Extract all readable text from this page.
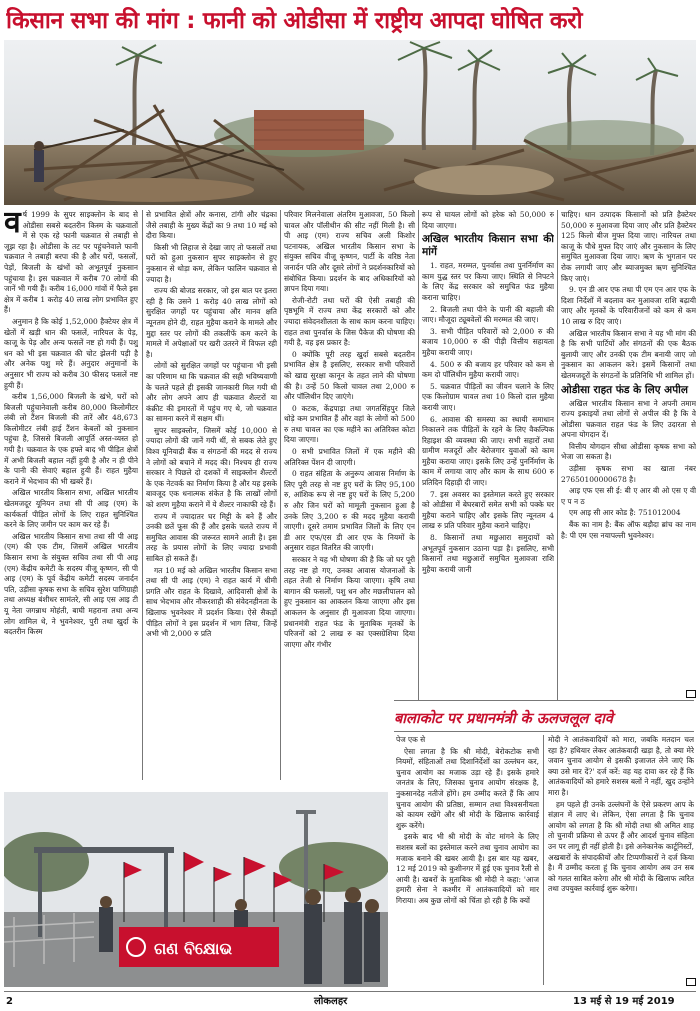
किसान सभा की मांग : फानी को ओडीसा में राष्ट्रीय आपदा घोषित करो

वर्ष 1999 के सुपर साइक्लोन के बाद से ओडीसा सबसे बदतरीन किस्म के चक्रवातों में से एक रहे फानी चक्रवात से तबाही से जूझ रहा है। ओडीसा के तट पर पहुंचनेवाले फानी चक्रवात ने तबाही बरपा की है और घरों, फसलों, पेड़ों, बिजली के खंभों को अभूतपूर्व नुकसान पहुंचाया है। इस चक्रवात में करीब 70 लोगों की जानें भी गयी हैं। करीब 16,000 गांवों में फैले इस क्षेत्र में करीब 1 करोड़ 40 लाख लोग प्रभावित हुए हैं।

अनुमान है कि कोई 1,52,000 हैक्टेयर क्षेत्र में खेतों में खड़ी धान की फसलें, नारियल के पेड़, काजू के पेड़ और अन्य फसलें नष्ट हो गयी हैं। पशु धन को भी इस चक्रवात की चोट झेलनी पड़ी है और अनेक पशु मरे हैं। अनुदार अनुमानों के अनुसार भी राज्य को करीब 30 फीसद फसलें नष्ट हुयी हैं।

करीब 1,56,000 बिजली के खंभे, घरों को बिजली पहुंचानेवाली करीब 80,000 किलोमीटर लंबी लो टैंशन बिजली की तारें और 48,673 किलोमीटर लंबी हाई टैंशन केबलों को नुकसान पहुंचा है, जिससे बिजली आपूर्ति अस्त-व्यस्त हो गयी है। चक्रवात के एक हफ्ते बाद भी पीड़ित क्षेत्रों में अभी बिजली बहाल नहीं हुयी है और न ही पीने के पानी की सेवाएं बहाल हुयी हैं। राहत मुहैया कराने में भेदभाव की भी खबरें हैं।

अखिल भारतीय किसान सभा, अखिल भारतीय खेतमजदूर यूनियन तथा सी पी आइ (एम) के कार्यकर्ता पीड़ित लोगों के लिए राहत सुनिश्चित करने के लिए जमीन पर काम कर रहे हैं।

अखिल भारतीय किसान सभा तथा सी पी आइ (एम) की एक टीम, जिसमें अखिल भारतीय किसान सभा के संयुक्त सचिव तथा सी पी आइ (एम) केंद्रीय कमेटी के सदस्य वीजू कृष्णन, सी पी आइ (एम) के पूर्व केंद्रीय कमेटी सदस्य जनार्दन पति, उड़ीसा कृषक सभा के सचिव सुरेश पाणिग्राही तथा अध्यक्ष बंशीधर सामंतरे, सी आइ एस आइ टी यू नेता जगन्नाथ मोहंती, बाघी महराना तथा अन्य लोग शामिल थे, ने भुवनेश्वर, पुरी तथा खुर्दा के बदतरीन किस्म

से प्रभावित क्षेत्रों और कनास, टांगी और चंद्रका जैसे तबाही के मुख्य केंद्रों का 9 तथा 10 मई को दौरा किया।

किसी भी लिहाज से देखा जाए तो फसलों तथा घरों को हुआ नुकसान सुपर साइक्लोन से हुए नुकसान से थोड़ा कम, लेकिन फालिन चक्रवात से ज्यादा है।

राज्य की बोजड सरकार, जो इस बात पर इतरा रही है कि उसने 1 करोड़ 40 लाख लोगों को सुरक्षित जगहों पर पहुंचाया और मानव क्षति न्यूनतम होने दी, राहत मुहैया कराने के मामले और मुद्दा स्तर पर लोगों की तकलीफें कम करने के मामले में अपेक्षाओं पर खरी उतरने में विफल रही है।

लोगों को सुरक्षित जगहों पर पहुंचाना भी इसी का परिणाम था कि चक्रवात की सही भविष्यवाणी के चलते पहले ही इसकी जानकारी मिल गयी थी और लोग अपने आप ही चक्रवात शैल्टरों या कंक्रीट की इमारतों में पहुंच गए थे, जो चक्रवात का सामना करने में सक्षम थीं।

सुपर साइक्लोन, जिसमें कोई 10,000 से ज्यादा लोगों की जानें गयी थीं, से सबक लेते हुए विश्व यूनियाद्री बैंक व संगठनों की मदद से राज्य ने लोगों को बचाने में मदद की। निश्चय ही राज्य सरकार ने पिछले दो दशकों में साइक्लोन शैल्टरों के एक नेटवर्क का निर्माण किया है और यह इसके बावजूद एक धनात्मक संकेत है कि लाखों लोगों को शरण मुहैया कराने में ये शैल्टर नाकाफी रहे हैं।

राज्य में ज्यादातर घर मिट्टी के बने हैं और उनकी छतें फूस की हैं और इसके चलते राज्य में समुचित आवास की जरूरत सामने आती है। इस तरह के प्रयास लोगों के लिए ज्यादा प्रभावी साबित हो सकते हैं।

गत 10 मई को अखिल भारतीय किसान सभा तथा सी पी आइ (एम) ने राहत कार्य में धीमी प्रगति और राहत के दिखावे, आदिवासी क्षेत्रों के साथ भेदभाव और नौकरशाही की संवेदनहीनता के खिलाफ भुवनेश्वर में प्रदर्शन किया। ऐसे सैकड़ों पीड़ित लोगों ने इस प्रदर्शन में भाग लिया, जिन्हें अभी भी 2,000 रु प्रति

परिवार मिलनेवाला अंतरिम मुआवजा, 50 किलो चावल और पॉलीथीन की सीट नहीं मिली है। सी पी आइ (एम) राज्य सचिव अली किशोर पटनायक, अखिल भारतीय किसान सभा के संयुक्त सचिव वीजू कृष्णन, पार्टी के वरिष्ठ नेता जनार्दन पति और दूसरे लोगों ने प्रदर्शनकारियों को संबोधित किया। प्रदर्शन के बाद अधिकारियों को ज्ञापन दिया गया।

रोजी-रोटी तथा घरों की ऐसी तबाही की पृष्ठभूमि में राज्य तथा केंद्र सरकारों को और ज्यादा संवेदनशीलता के साथ काम करना चाहिए। राहत तथा पुनर्वास के जिस पैकेज की घोषणा की गयी है, वह इस प्रकार है:

0 क्योंकि पूरी तरह खुर्दा सबसे बदतरीन प्रभावित क्षेत्र है इसलिए, सरकार सभी परिवारों को खाद्य सुरक्षा कानून के तहत लाने की घोषणा की है। उन्हें 50 किलो चावल तथा 2,000 रु और पॉलिथीन दिए जाएंगे।

0 कटक, केंद्रपाड़ा तथा जगतसिंहपुर जिले थोड़े कम प्रभावित हैं और वहां के लोगों को 500 रु तथा चावल का एक महीने का अतिरिक्त कोटा दिया जाएगा।

0 सभी प्रभावित जिलों में एक महीने की अतिरिक्त पेंशन दी जाएगी।

0 राहत संहिता के अनुरूप आवास निर्माण के लिए पूरी तरह से नष्ट हुए घरों के लिए 95,100 रु, आंशिक रूप से नष्ट हुए घरों के लिए 5,200 रु और जिन घरों को मामूली नुकसान हुआ है उनके लिए 3,200 रु की मदद मुहैया करायी जाएगी। दूसरे तमाम प्रभावित जिलों के लिए एन डी आर एफ/एस डी आर एफ के नियमों के अनुसार राहत वितरित की जाएगी।

सरकार ने यह भी घोषणा की है कि जो घर पूरी तरह नष्ट हो गए, उनका आवास योजनाओं के तहत तेजी से निर्माण किया जाएगा। कृषि तथा बागान की फसलों, पशु धन और मछलीपालन को हुए नुकसान का आकलन किया जाएगा और इस आकलन के अनुसार ही मुआवजा दिया जाएगा। प्रधानमंत्री राहत फंड के मुताबिक मृतकों के परिजनों को 2 लाख रु का एक्सग्रेशिया दिया जाएगा और गंभीर

रूप से घायल लोगों को हरेक को 50,000 रु दिया जाएगा।

अखिल भारतीय किसान सभा की मांगें

1. राहत, मरम्मत, पुनर्वास तथा पुनर्निर्माण का काम युद्ध स्तर पर किया जाए। स्थिति से निपटने के लिए केंद्र सरकार को समुचित फंड मुहैया कराना चाहिए।

2. बिजली तथा पीने के पानी की बहाली की जाए। मौजूदा ट्यूबवेलों की मरम्मत की जाए।

3. सभी पीड़ित परिवारों को 2,000 रु की बजाय 10,000 रु की पीड़ी वित्तीय सहायता मुहैया करायी जाए।

4. 500 रु की बजाय हर परिवार को कम से कम दो पॉलिथीन मुहैया करायी जाए।

5. चक्रवात पीड़ितों का जीवन चलाने के लिए एक किलोग्राम चावल तथा 10 किलो दाल मुहैया करायी जाए।

6. आवास की समस्या का स्थायी समाधान निकालने तक पीड़ितों के रहने के लिए वैकल्पिक रिहाइश की व्यवस्था की जाए। सभी सहारों तथा ग्रामीण मजदूरों और बेरोजगार युवाओं को काम मुहैया कराया जाए। इसके लिए उन्हें पुनर्निर्माण के काम में लगाया जाए और काम के साथ 600 रु प्रतिदिन दिहाड़ी दी जाए।

7. इस अवसर का इस्तेमाल करते हुए सरकार को ओडीसा में बेघरबारों समेत सभी को पक्के घर मुहैया कराने चाहिए और इसके लिए न्यूनतम 4 लाख रु प्रति परिवार मुहैया कराने चाहिए।

8. किसानों तथा मछुआरा समुदायों को अभूतपूर्व नुकसान उठाना पड़ा है। इसलिए, सभी किसानों तथा मछुआरों समुचित मुआवजा राशि मुहैया करायी जानी

चाहिए। धान उत्पादक किसानों को प्रति हैक्टेयर 50,000 रु मुआवजा दिया जाए और प्रति हैक्टेयर 125 किलो बीज मुफ्त दिया जाए। नारियल तथा काजू के पौधे मुफ्त दिए जाएं और नुकसान के लिए समुचित मुआवजा दिया जाए। ऋण के भुगतान पर रोक लगायी जाए और ब्याजमुक्त ऋण सुनिश्चित किए जाएं।

9. एन डी आर एफ तथा पी एम एन आर एफ के दिशा निर्देशों में बदलाव कर मुआवजा राशि बढ़ायी जाए और मृतकों के परिवारीजनों को कम से कम 10 लाख रु दिए जाएं।

अखिल भारतीय किसान सभा ने यह भी मांग की है कि सभी पार्टियों और संगठनों की एक बैठक बुलायी जाए और उनकी एक टीम बनायी जाए जो नुकसान का आकलन करे। इसमें किसानों तथा खेतमजदूरों के संगठनों के प्रतिनिधि भी शामिल हों।

ओडीसा राहत फंड के लिए अपील

अखिल भारतीय किसान सभा ने अपनी तमाम राज्य इकाइयों तथा लोगों से अपील की है कि वे ओडीसा चक्रवात राहत फंड के लिए उदारता से अपना योगदान दें।

वित्तीय योगदान सीधा ओडीसा कृषक सभा को भेजा जा सकता है।

उड़ीसा कृषक सभा का खाता नंबर 27650100000678 है।

आइ एफ एस सी ई: बी ए आर बी ओ एस ए वी ए प न ठ

एम आइ सी आर कोड है: 751012004

बैंक का नाम है: बैंक ऑफ बड़ौदा ब्रांच का नाम है: पी एम एस नयापल्ली भुवनेश्वर।

ଗଣ ବିକ୍ଷୋଭ
बालाकोट पर प्रधानमंत्री के ऊलजलूल दावे

पेज एक से

ऐसा लगता है कि श्री मोदी, बेरोकटोक सभी नियमों, संहिताओं तथा दिशानिर्देशों का उल्लंघन कर, चुनाव आयोग का मजाक उड़ा रहे हैं। इसके हमारे जनतंत्र के लिए, जिसका चुनाव आयोग संरक्षक है, नुकसानदेह नतीजे होंगे। हम उम्मीद करते हैं कि आप चुनाव आयोग की प्रतिष्ठा, सम्मान तथा विश्वसनीयता को कायम रखेंगे और श्री मोदी के खिलाफ कार्रवाई शुरू करेंगे।

इसके बाद भी श्री मोदी के वोट मांगने के लिए सशस्त्र बलों का इस्तेमाल करने तथा चुनाव आयोग का मजाक बनाने की खबर आयी है। इस बार यह खबर, 12 मई 2019 को कुशीनगर में हुई एक चुनाव रैली से आयी है। खबरों के मुताबिक श्री मोदी ने कहा: 'आज हमारी सेना ने कश्मीर में आतंकवादियों को मार गिराया। अब कुछ लोगों को चिंता हो रही है कि क्यों

मोदी ने आतंकवादियों को मारा, जबकि मतदान चल रहा है? हथियार लेकर आतंकवादी खड़ा है, तो क्या मेरे जवान चुनाव आयोग से इसकी इजाजत लेने जाएं कि क्या उसे मार दें?' दर्ज करें: वह यह दावा कर रहे हैं कि आतंकवादियों को हमारे सशस्त्र बलों ने नहीं, खुद उन्होंने मारा है।

हम पहले ही उनके उल्लंघनों के ऐसे प्रकरण आप के संज्ञान में लाए थे। लेकिन, ऐसा लगता है कि चुनाव आयोग को लगता है कि श्री मोदी तथा श्री अमित शाह तो चुनावी प्रक्रिया से ऊपर हैं और आदर्श चुनाव संहिता उन पर लागू ही नहीं होती है। इसे अनेकानेक कार्टूनिस्टों, अखबारों के संपादकीयों और टिप्पणीकारों ने दर्ज किया है। मैं उम्मीद करता हूं कि चुनाव आयोग अब उन सब को गलत साबित करेगा और श्री मोदी के खिलाफ त्वरित तथा उपयुक्त कार्रवाई शुरू करेगा।

2	लोकलहर	13 मई से 19 मई 2019
